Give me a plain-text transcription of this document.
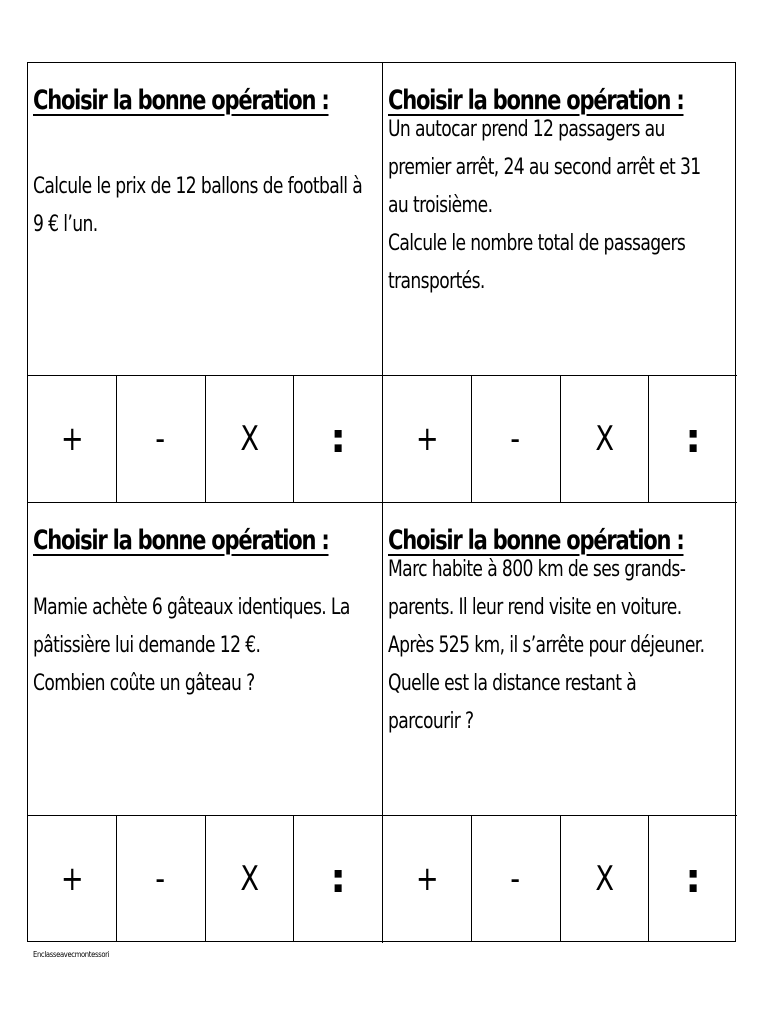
Choisir la bonne opération :
Calcule le prix de 12 ballons de football à
9 € l’un.
+ - X :
Choisir la bonne opération :
Un autocar prend 12 passagers au
premier arrêt, 24 au second arrêt et 31
au troisième.
Calcule le nombre total de passagers
transportés.
+ - X :
Choisir la bonne opération :
Mamie achète 6 gâteaux identiques. La
pâtissière lui demande 12 €.
Combien coûte un gâteau ?
+ - X :
Choisir la bonne opération :
Marc habite à 800 km de ses grands-
parents. Il leur rend visite en voiture.
Après 525 km, il s’arrête pour déjeuner.
Quelle est la distance restant à
parcourir ?
+ - X :
Enclasseavecmontessori
